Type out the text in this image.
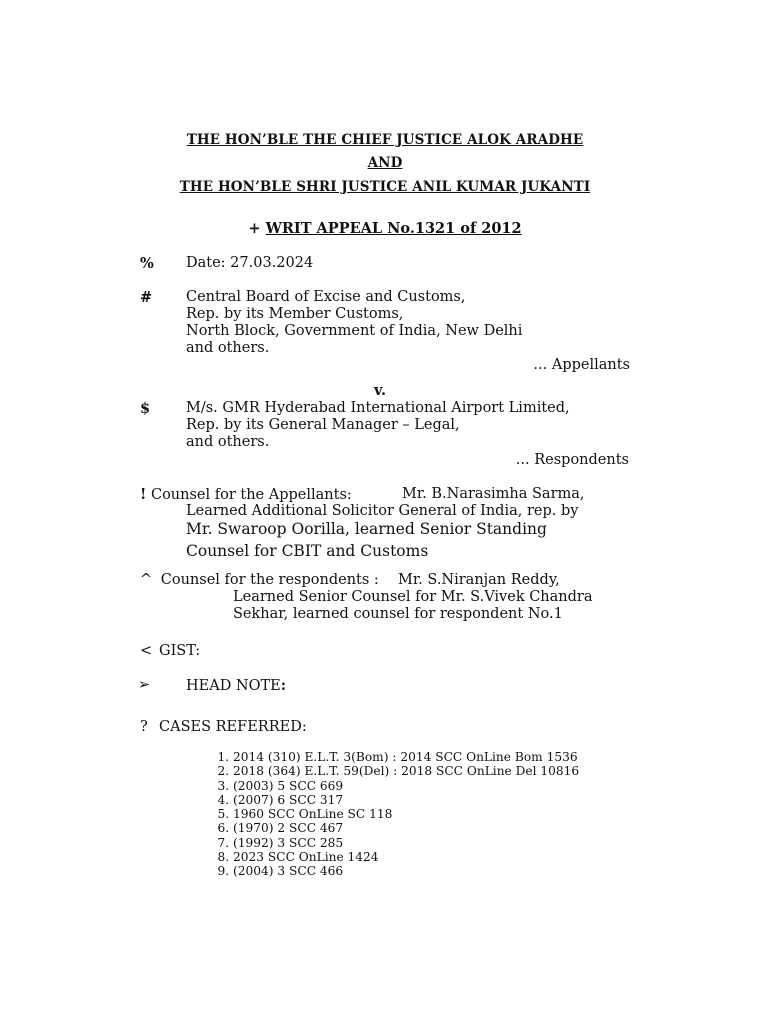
THE HON’BLE THE CHIEF JUSTICE ALOK ARADHE
AND
THE HON’BLE SHRI JUSTICE ANIL KUMAR JUKANTI
+ WRIT APPEAL No.1321 of 2012
% Date: 27.03.2024
# Central Board of Excise and Customs,
Rep. by its Member Customs,
North Block, Government of India, New Delhi
and others.
... Appellants
v.
$ M/s. GMR Hyderabad International Airport Limited,
Rep. by its General Manager – Legal,
and others.
... Respondents
! Counsel for the Appellants:	Mr. B.Narasimha Sarma,
Learned Additional Solicitor General of India, rep. by
Mr. Swaroop Oorilla, learned Senior Standing
Counsel for CBIT and Customs
^ Counsel for the respondents : Mr. S.Niranjan Reddy,
Learned Senior Counsel for Mr. S.Vivek Chandra
Sekhar, learned counsel for respondent No.1
< GIST:
➢ HEAD NOTE:
? CASES REFERRED:
1. 2014 (310) E.L.T. 3(Bom) : 2014 SCC OnLine Bom 1536
2. 2018 (364) E.L.T. 59(Del) : 2018 SCC OnLine Del 10816
3. (2003) 5 SCC 669
4. (2007) 6 SCC 317
5. 1960 SCC OnLine SC 118
6. (1970) 2 SCC 467
7. (1992) 3 SCC 285
8. 2023 SCC OnLine 1424
9. (2004) 3 SCC 466
